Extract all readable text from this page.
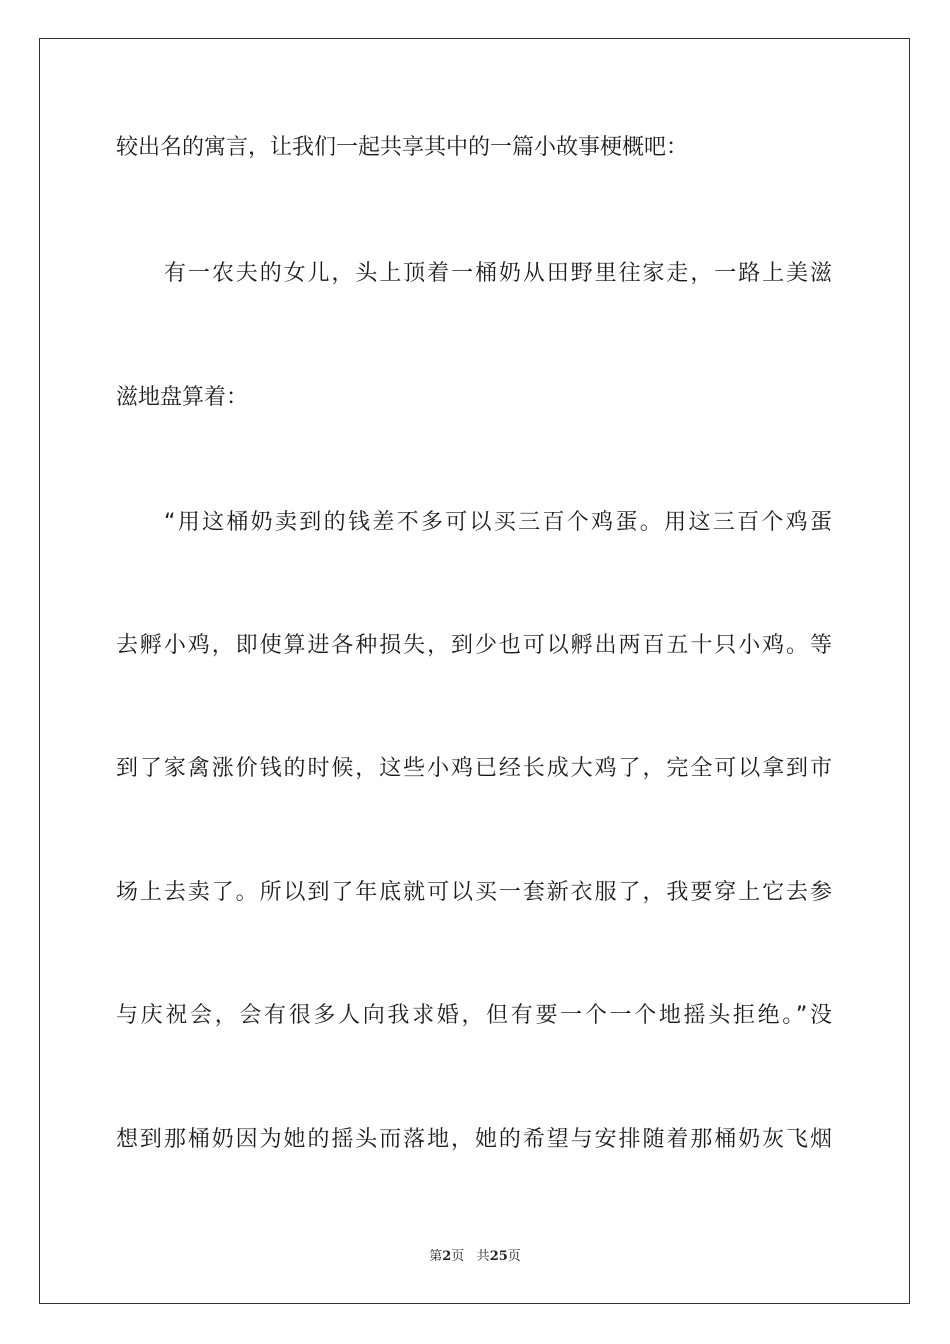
较出名的寓言，让我们一起共享其中的一篇小故事梗概吧：
有一农夫的女儿，头上顶着一桶奶从田野里往家走，一路上美滋
滋地盘算着：
“用这桶奶卖到的钱差不多可以买三百个鸡蛋。用这三百个鸡蛋
去孵小鸡，即使算进各种损失，到少也可以孵出两百五十只小鸡。等
到了家禽涨价钱的时候，这些小鸡已经长成大鸡了，完全可以拿到市
场上去卖了。所以到了年底就可以买一套新衣服了，我要穿上它去参
与庆祝会，会有很多人向我求婚，但有要一个一个地摇头拒绝。”没
想到那桶奶因为她的摇头而落地，她的希望与安排随着那桶奶灰飞烟
第2页 共25页
